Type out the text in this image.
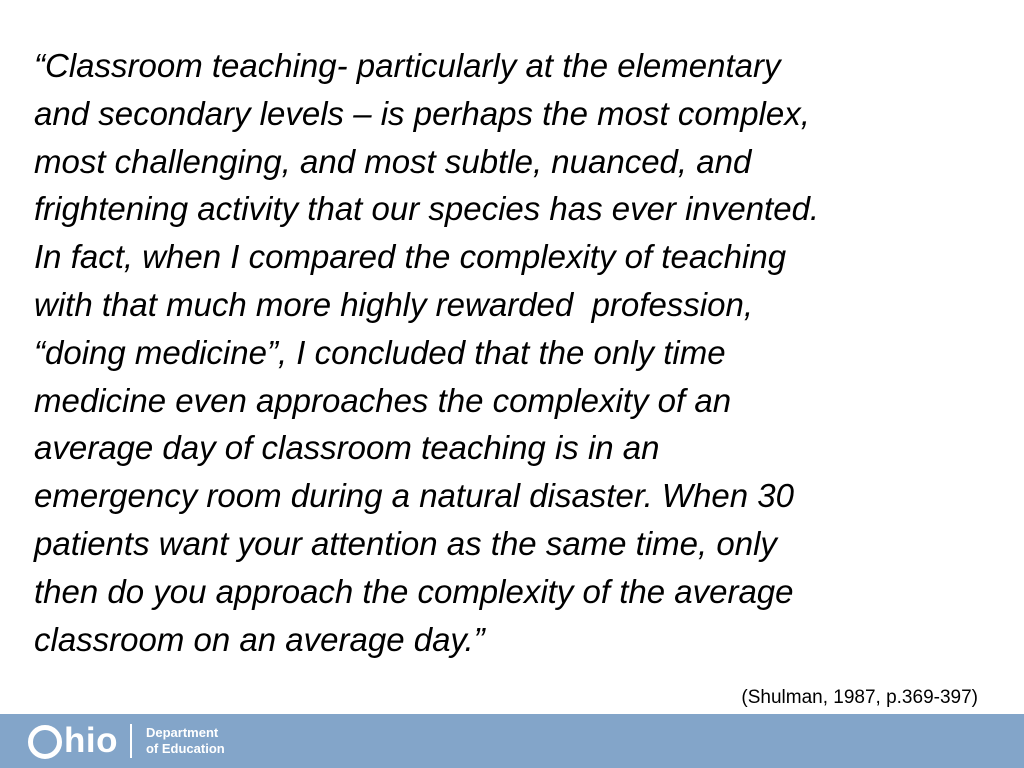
“Classroom teaching- particularly at the elementary
and secondary levels – is perhaps the most complex,
most challenging, and most subtle, nuanced, and
frightening activity that our species has ever invented.
In fact, when I compared the complexity of teaching
with that much more highly rewarded  profession,
“doing medicine”, I concluded that the only time
medicine even approaches the complexity of an
average day of classroom teaching is in an
emergency room during a natural disaster. When 30
patients want your attention as the same time, only
then do you approach the complexity of the average
classroom on an average day.”
(Shulman, 1987, p.369-397)
hio Department
of Education
